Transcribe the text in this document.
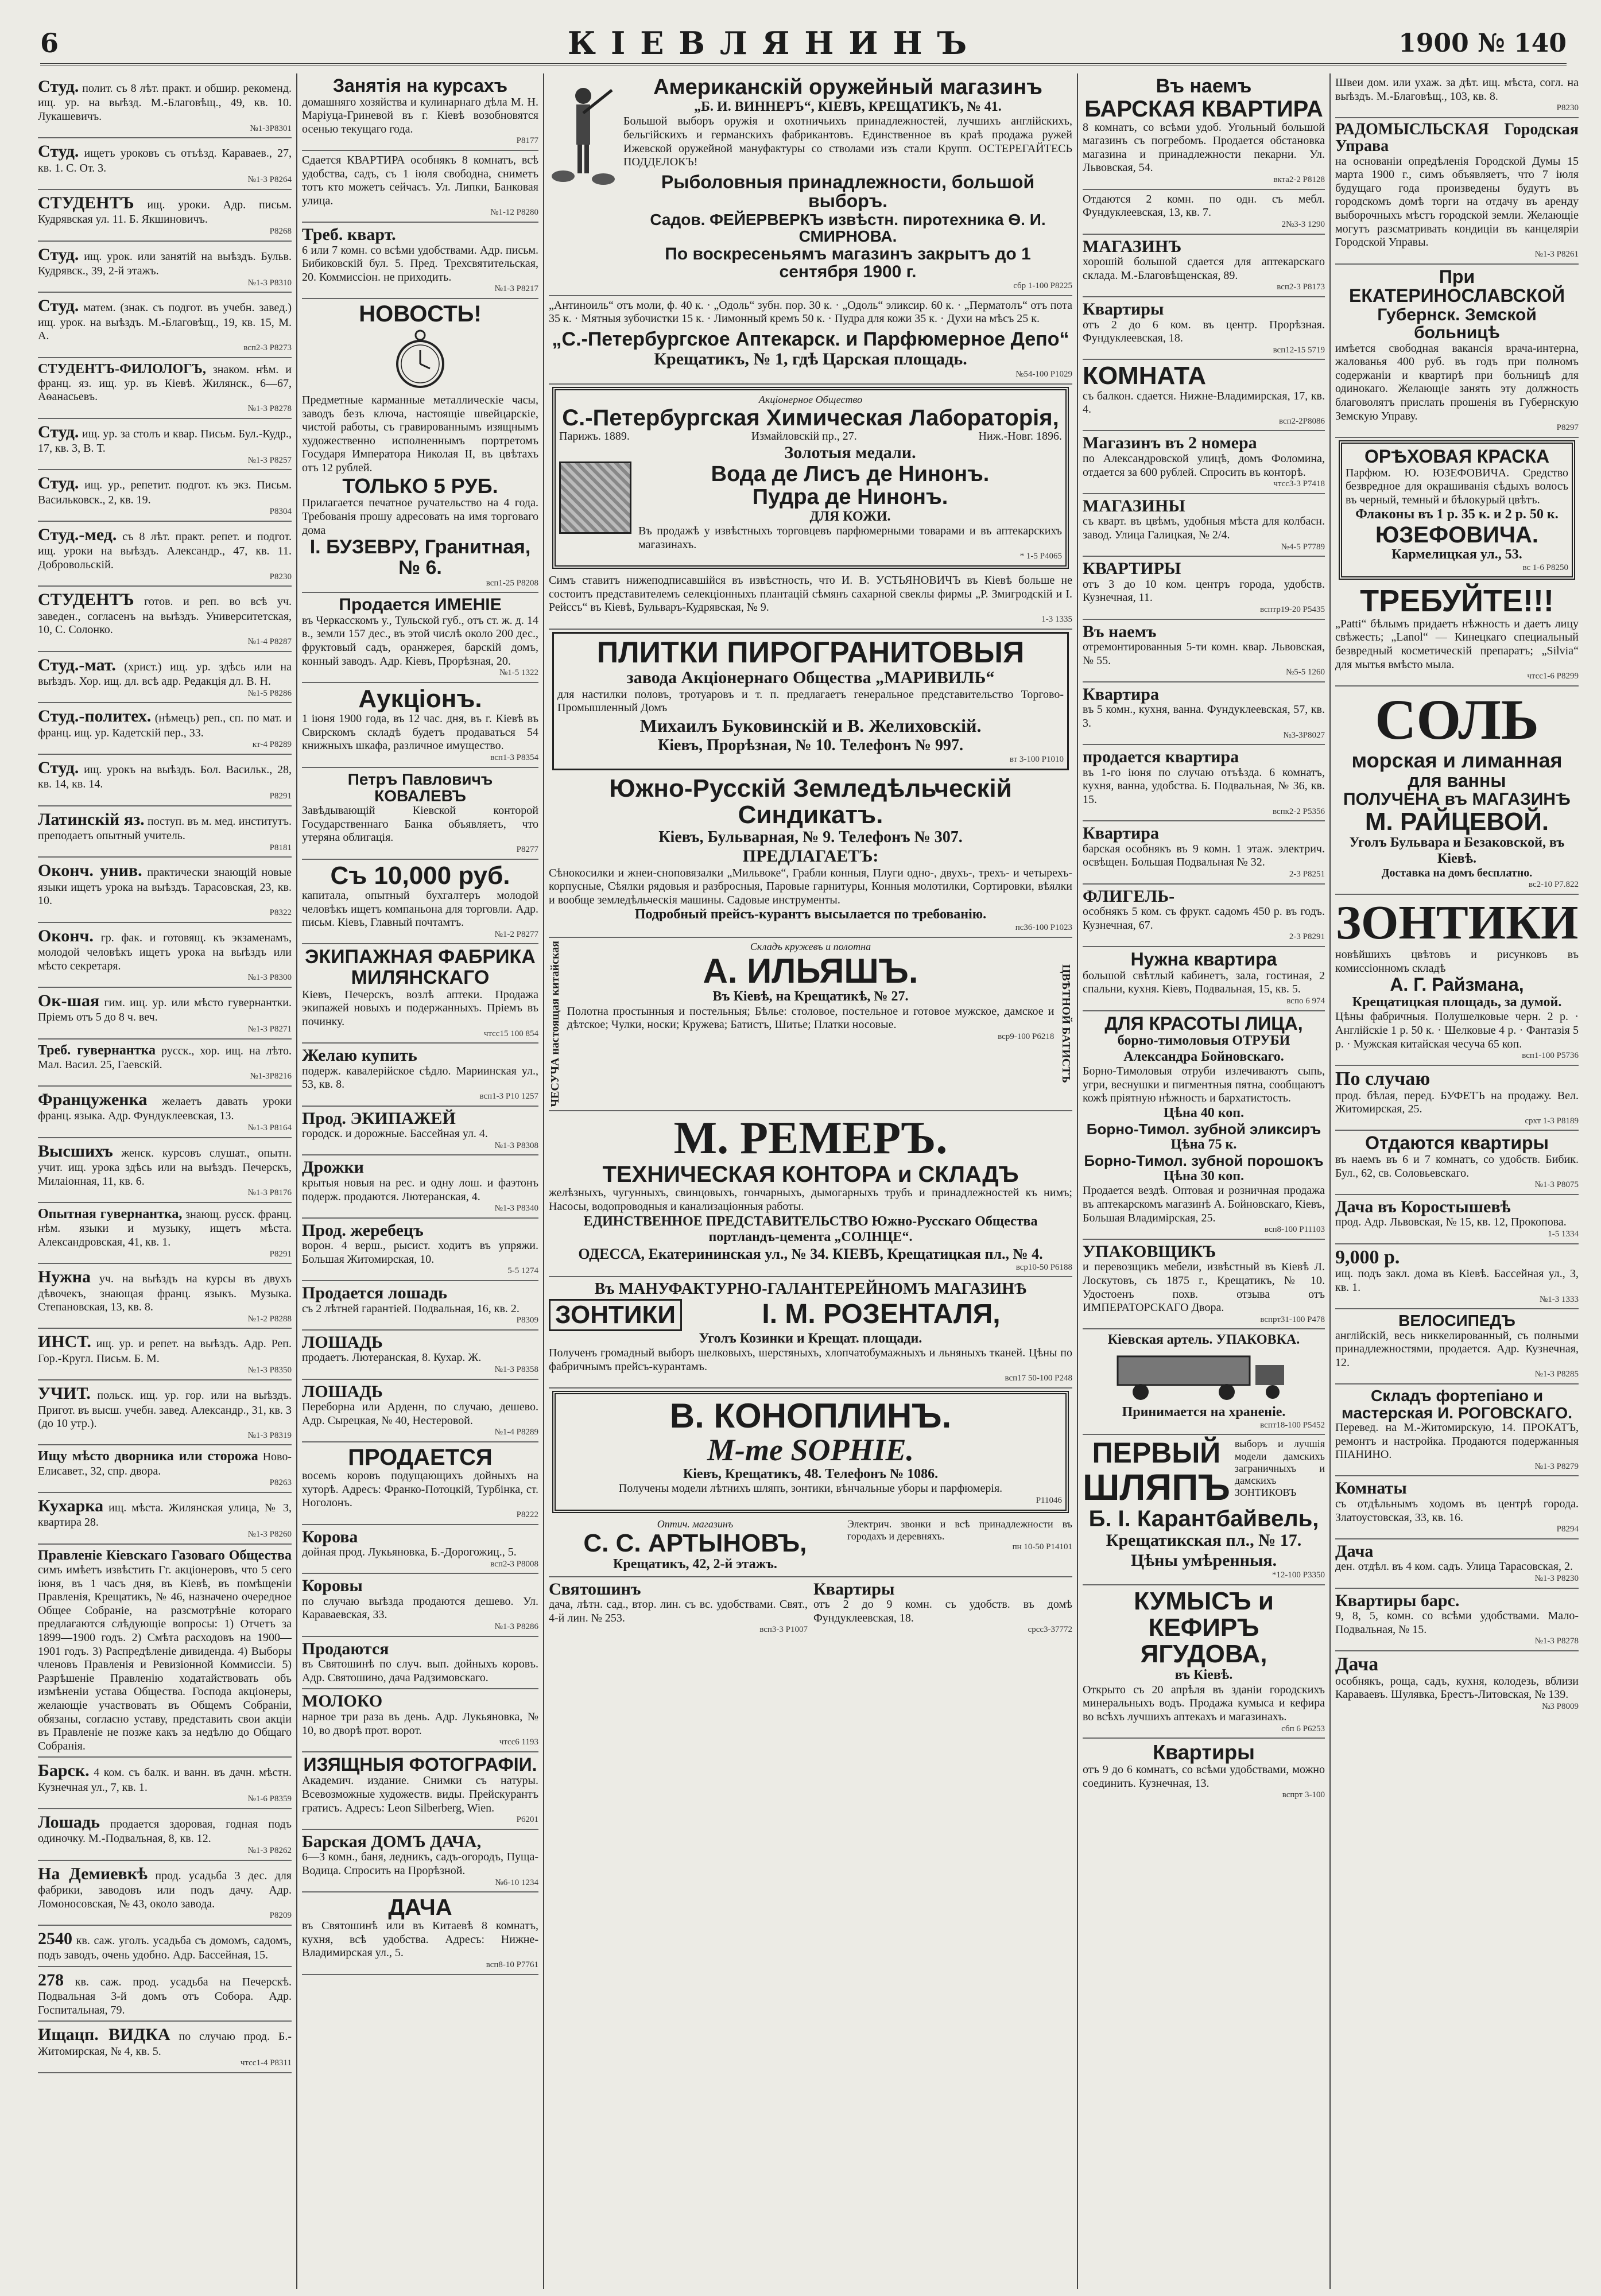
6	КІЕВЛЯНИНЪ	1900 № 140
Студ. полит. съ 8 лѣт. практ. и обшир. рекоменд. ищ. ур. на выѣзд. М.-Благовѣщ., 49, кв. 10. Лукашевичъ.
№1-3Р8301
Студ. ищетъ уроковъ съ отъѣзд. Караваев., 27, кв. 1. С. От. 3.
№1-3 Р8264
СТУДЕНТЪ ищ. уроки. Адр. письм. Кудрявская ул. 11. Б. Якшиновичъ.
Р8268
Студ. ищ. урок. или занятій на выѣздъ. Бульв. Кудрявск., 39, 2-й этажъ.
№1-3 Р8310
Студ. матем. (знак. съ подгот. въ учебн. завед.) ищ. урок. на выѣздъ. М.-Благовѣщ., 19, кв. 15, М. А.
всп2-3 Р8273
СТУДЕНТЪ-ФИЛОЛОГЪ, знаком. нѣм. и франц. яз. ищ. ур. въ Кіевѣ. Жилянск., 6—67, Аѳанасьевъ.
№1-3 Р8278
Студ. ищ. ур. за столъ и квар. Письм. Бул.-Кудр., 17, кв. 3, В. Т.
№1-3 Р8257
Студ. ищ. ур., репетит. подгот. къ экз. Письм. Васильковск., 2, кв. 19.
Р8304
Студ.-мед. съ 8 лѣт. практ. репет. и подгот. ищ. уроки на выѣздъ. Александр., 47, кв. 11. Добровольскій.
Р8230
СТУДЕНТЪ готов. и реп. во всѣ уч. заведен., согласенъ на выѣздъ. Университетская, 10, С. Солонко.
№1-4 Р8287
Студ.-мат. (христ.) ищ. ур. здѣсь или на выѣздъ. Хор. ищ. дл. всѣ адр. Редакція дл. В. Н.
№1-5 Р8286
Студ.-политех. (нѣмецъ) реп., сп. по мат. и франц. ищ. ур. Кадетскій пер., 33.
кт-4 Р8289
Студ. ищ. урокъ на выѣздъ. Бол. Васильк., 28, кв. 14, кв. 14.
Р8291
Латинскій яз. поступ. въ м. мед. институтъ. преподаетъ опытный учитель.
Р8181
Оконч. унив. практически знающій новые языки ищетъ урока на выѣздъ. Тарасовская, 23, кв. 10.
Р8322
Оконч. гр. фак. и готовящ. къ экзаменамъ, молодой человѣкъ ищетъ урока на выѣздъ или мѣсто секретаря.
№1-3 Р8300
Ок-шая гим. ищ. ур. или мѣсто гувернантки. Пріемъ отъ 5 до 8 ч. веч.
№1-3 Р8271
Треб. гувернантка русск., хор. ищ. на лѣто. Мал. Васил. 25, Гаевскій.
№1-3Р8216
Француженка желаетъ давать уроки франц. языка. Адр. Фундуклеевская, 13.
№1-3 Р8164
Высшихъ женск. курсовъ слушат., опытн. учит. ищ. урока здѣсь или на выѣздъ. Печерскъ, Милаіонная, 11, кв. 6.
№1-3 Р8176
Опытная гувернантка, знающ. русск. франц. нѣм. языки и музыку, ищетъ мѣста. Александровская, 41, кв. 1.
Р8291
Нужна уч. на выѣздъ на курсы въ двухъ дѣвочекъ, знающая франц. языкъ. Музыка. Степановская, 13, кв. 8.
№1-2 Р8288
ИНСТ. ищ. ур. и репет. на выѣздъ. Адр. Реп. Гор.-Кругл. Письм. Б. М.
№1-3 Р8350
УЧИТ. польск. ищ. ур. гор. или на выѣздъ. Пригот. въ высш. учебн. завед. Александр., 31, кв. 3 (до 10 утр.).
№1-3 Р8319
Ищу мѣсто дворника или сторожа Ново-Елисавет., 32, спр. двора.
Р8263
Кухарка ищ. мѣста. Жилянская улица, № 3, квартира 28.
№1-3 Р8260
Правленіе Кіевскаго Газоваго Общества симъ имѣетъ извѣстить Гг. акціонеровъ, что 5 сего іюня, въ 1 часъ дня, въ Кіевѣ, въ помѣщеніи Правленія, Крещатикъ, № 46, назначено очередное Общее Собраніе, на разсмотрѣніе котораго предлагаются слѣдующіе вопросы: 1) Отчетъ за 1899—1900 годъ. 2) Смѣта расходовъ на 1900—1901 годъ. 3) Распредѣленіе дивиденда. 4) Выборы членовъ Правленія и Ревизіонной Коммиссіи. 5) Разрѣшеніе Правленію ходатайствовать объ измѣненіи устава Общества. Господа акціонеры, желающіе участвовать въ Общемъ Собраніи, обязаны, согласно уставу, представить свои акціи въ Правленіе не позже какъ за недѣлю до Общаго Собранія.
Барск. 4 ком. съ балк. и ванн. въ дачн. мѣстн. Кузнечная ул., 7, кв. 1.
№1-6 Р8359
Лошадь продается здоровая, годная подъ одиночку. М.-Подвальная, 8, кв. 12.
№1-3 Р8262
На Демиевкѣ прод. усадьба 3 дес. для фабрики, заводовъ или подъ дачу. Адр. Ломоносовская, № 43, около завода.
Р8209
2540 кв. саж. уголъ. усадьба съ домомъ, садомъ, подъ заводъ, очень удобно. Адр. Бассейная, 15.
278 кв. саж. прод. усадьба на Печерскѣ. Подвальная 3-й домъ отъ Собора. Адр. Госпитальная, 79.
Ищацп. ВИДКА по случаю прод. Б.-Житомирская, № 4, кв. 5.
чтсс1-4 Р8311
Занятія на курсахъ
домашняго хозяйства и кулинарнаго дѣла М. Н. Маріуца-Гриневой въ г. Кіевѣ возобновятся осенью текущаго года.
Р8177
Сдается КВАРТИРА особнякъ 8 комнатъ, всѣ удобства, садъ, съ 1 іюля свободна, сниметъ тотъ кто можетъ сейчасъ. Ул. Липки, Банковая улица.
№1-12 Р8280
Треб. кварт.
6 или 7 комн. со всѣми удобствами. Адр. письм. Бибиковскій бул. 5. Пред. Трехсвятительская, 20. Коммиссіон. не приходить.
№1-3 Р8217
НОВОСТЬ!
Предметные карманные металлическіе часы, заводъ безъ ключа, настоящіе швейцарскіе, чистой работы, съ гравированнымъ изящнымъ художественно исполненнымъ портретомъ Государя Императора Николая II, въ цвѣтахъ отъ 12 рублей.
ТОЛЬКО 5 РУБ.
Прилагается печатное ручательство на 4 года. Требованія прошу адресовать на имя торговаго дома
І. БУЗЕВРУ, Гранитная, № 6.
всп1-25 Р8208
Продается ИМЕНІЕ
въ Черкасскомъ у., Тульской губ., отъ ст. ж. д. 14 в., земли 157 дес., въ этой числѣ около 200 дес., фруктовый садъ, оранжерея, барскій домъ, конный заводъ. Адр. Кіевъ, Прорѣзная, 20.
№1-5 1322
Аукціонъ.
1 іюня 1900 года, въ 12 час. дня, въ г. Кіевѣ въ Свирскомъ складѣ будетъ продаваться 54 книжныхъ шкафа, различное имущество.
всп1-3 Р8354
Петръ Павловичъ КОВАЛЕВЪ
Завѣдывающій Кіевской конторой Государственнаго Банка объявляетъ, что утеряна облигація.
Р8277
Съ 10,000 руб.
капитала, опытный бухгалтеръ молодой человѣкъ ищетъ компаньона для торговли. Адр. письм. Кіевъ, Главный почтамтъ.
№1-2 Р8277
ЭКИПАЖНАЯ ФАБРИКА МИЛЯНСКАГО
Кіевъ, Печерскъ, возлѣ аптеки. Продажа экипажей новыхъ и подержанныхъ. Пріемъ въ починку.
чтсс15 100 854
Желаю купить
подерж. кавалерійское сѣдло. Мариинская ул., 53, кв. 8.
всп1-3 Р10 1257
Прод. ЭКИПАЖЕЙ
городск. и дорожные. Бассейная ул. 4.
№1-3 Р8308
Дрожки
крытыя новыя на рес. и одну лош. и фаэтонъ подерж. продаются. Лютеранская, 4.
№1-3 Р8340
Прод. жеребецъ
ворон. 4 верш., рысист. ходитъ въ упряжи. Большая Житомирская, 10.
5-5 1274
Продается лошадь
съ 2 лѣтней гарантіей. Подвальная, 16, кв. 2.
Р8309
ЛОШАДЬ
продаетъ. Лютеранская, 8. Кухар. Ж.
№1-3 Р8358
ЛОШАДЬ
Переборна или Арденн, по случаю, дешево. Адр. Сырецкая, № 40, Нестеровой.
№1-4 Р8289
ПРОДАЕТСЯ
восемь коровъ подущающихъ дойныхъ на хуторѣ. Адресъ: Франко-Потоцкій, Турбінка, ст. Ноголонъ.
Р8222
Корова
дойная прод. Лукьяновка, Б.-Дорогожиц., 5.
всп2-3 Р8008
Коровы
по случаю выѣзда продаются дешево. Ул. Караваевская, 33.
№1-3 Р8286
Продаются
въ Святошинѣ по случ. вып. дойныхъ коровъ. Адр. Святошино, дача Радзимовскаго.
МОЛОКО
нарное три раза въ день. Адр. Лукьяновка, № 10, во дворѣ прот. ворот.
чтсс6 1193
ИЗЯЩНЫЯ ФОТОГРАФІИ.
Академич. издание. Снимки съ натуры. Всевозможные художеств. виды. Прейскурантъ гратисъ. Адресъ: Leon Silberberg, Wien.
Р6201
Барская ДОМЪ ДАЧА,
6—3 комн., баня, ледникъ, садъ-огородъ, Пуща-Водица. Спросить на Прорѣзной.
№6-10 1234
ДАЧА
въ Святошинѣ или въ Китаевѣ 8 комнатъ, кухня, всѣ удобства. Адресъ: Нижне-Владимирская ул., 5.
всп8-10 Р7761
Американскій оружейный магазинъ
„Б. И. ВИННЕРЪ“, КІЕВЪ, КРЕЩАТИКЪ, № 41.
Большой выборъ оружія и охотничьихъ принадлежностей, лучшихъ англійскихъ, бельгійскихъ и германскихъ фабрикантовъ. Единственное въ краѣ продажа ружей Ижевской оружейной мануфактуры со стволами изъ стали Крупп. ОСТЕРЕГАЙТЕСЬ ПОДДЕЛОКЪ!
Рыболовныя принадлежности, большой выборъ.
Садов. ФЕЙЕРВЕРКЪ извѣстн. пиротехника Ѳ. И. СМИРНОВА.
По воскресеньямъ магазинъ закрытъ до 1 сентября 1900 г.
сбр 1-100 Р8225
„Антиноиль“ отъ моли, ф. 40 к. · „Одоль“ зубн. пор. 30 к. · „Одоль“ эликсир. 60 к. · „Перматолъ“ отъ пота 35 к. · Мятныя зубочистки 15 к. · Лимонный кремъ 50 к. · Пудра для кожи 35 к. · Духи на мѣсъ 25 к.
„С.-Петербургское Аптекарск. и Парфюмерное Депо“
Крещатикъ, № 1, гдѣ Царская площадь.
№54-100 Р1029
Акціонерное Общество
С.-Петербургская Химическая Лабораторія,
Парижъ. 1889.	Измайловскій пр., 27.	Ниж.-Новг. 1896.
Золотыя медали.
Вода де Лисъ де Нинонъ.
Пудра де Нинонъ.
ДЛЯ КОЖИ.
Въ продажѣ у извѣстныхъ торговцевъ парфюмерными товарами и въ аптекарскихъ магазинахъ.
* 1-5 Р4065
Симъ ставитъ нижеподписавшійся въ извѣстность, что И. В. УСТЬЯНОВИЧЪ въ Кіевѣ больше не состоитъ представителемъ селекціонныхъ плантацій сѣмянъ сахарной свеклы фирмы „Р. Змигродскій и І. Рейссъ“ въ Кіевѣ, Бульваръ-Кудрявская, № 9.
1-3 1335
ПЛИТКИ ПИРОГРАНИТОВЫЯ
завода Акціонернаго Общества „МАРИВИЛЬ“
для настилки половъ, тротуаровъ и т. п. предлагаетъ генеральное представительство Торгово-Промышленный Домъ
Михаилъ Буковинскій и В. Желиховскій.
Кіевъ, Прорѣзная, № 10. Телефонъ № 997.
вт 3-100 Р1010
Южно-Русскій Земледѣльческій Синдикатъ.
Кіевъ, Бульварная, № 9. Телефонъ № 307.
ПРЕДЛАГАЕТЪ:
Сѣнокосилки и жнеи-сноповязалки „Мильвоке“, Грабли конныя, Плуги одно-, двухъ-, трехъ- и четырехъ-корпусные, Сѣялки рядовыя и разбросныя, Паровые гарнитуры, Конныя молотилки, Сортировки, вѣялки и вообще земледѣльческія машины. Садовые инструменты.
Подробный прейсъ-курантъ высылается по требованію.
пс36-100 Р1023
ЧЕСУЧА настоящая китайская	Складъ кружевъ и полотна
А. ИЛЬЯШЪ.
Въ Кіевѣ, на Крещатикѣ, № 27.
Полотна простынныя и постельныя; Бѣлье: столовое, постельное и готовое мужское, дамское и дѣтское; Чулки, носки; Кружева; Батистъ, Шитье; Платки носовые.
вср9-100 Р6218 ЦВѢТНОЙ БАТИСТЪ
М. РЕМЕРЪ.
ТЕХНИЧЕСКАЯ КОНТОРА и СКЛАДЪ
желѣзныхъ, чугунныхъ, свинцовыхъ, гончарныхъ, дымогарныхъ трубъ и принадлежностей къ нимъ; Насосы, водопроводныя и канализаціонныя работы.
ЕДИНСТВЕННОЕ ПРЕДСТАВИТЕЛЬСТВО Южно-Русскаго Общества портландъ-цемента „СОЛНЦЕ“.
ОДЕССА, Екатерининская ул., № 34. КІЕВЪ, Крещатицкая пл., № 4.
вср10-50 Р6188
Въ МАНУФАКТУРНО-ГАЛАНТЕРЕЙНОМЪ МАГАЗИНѢ
ЗОНТИКИ	І. М. РОЗЕНТАЛЯ,
Уголъ Козинки и Крещат. площади.
Полученъ громадный выборъ шелковыхъ, шерстяныхъ, хлопчатобумажныхъ и льняныхъ тканей. Цѣны по фабричнымъ прейсъ-курантамъ.
всп17 50-100 Р248
В. КОНОПЛИНЪ.
M-me SOPHIE.
Кіевъ, Крещатикъ, 48. Телефонъ № 1086.
Получены модели лѣтнихъ шляпъ, зонтики, вѣнчальные уборы и парфюмерія.
Р11046
Оптич. магазинъ
С. С. АРТЫНОВЪ,
Крещатикъ, 42, 2-й этажъ.
Электрич. звонки и всѣ принадлежности въ городахъ и деревняхъ.
пн 10-50 Р14101
Святошинъ
дача, лѣтн. сад., втор. лин. съ вс. удобствами. Свят., 4-й лин. № 253.
всп3-3 Р1007
Квартиры
отъ 2 до 9 комн. съ удобств. въ домѣ Фундуклеевская, 18.
срсс3-37772
Въ наемъ
БАРСКАЯ КВАРТИРА
8 комнатъ, со всѣми удоб. Угольный большой магазинъ съ погребомъ. Продается обстановка магазина и принадлежности пекарни. Ул. Львовская, 54.
вкта2-2 Р8128
Отдаются 2 комн. по одн. съ мебл. Фундуклеевская, 13, кв. 7.
2№3-3 1290
МАГАЗИНЪ
хорошій большой сдается для аптекарскаго склада. М.-Благовѣщенская, 89.
всп2-3 Р8173
Квартиры
отъ 2 до 6 ком. въ центр. Прорѣзная. Фундуклеевская, 18.
всп12-15 5719
КОМНАТА
съ балкон. сдается. Нижне-Владимирская, 17, кв. 4.
всп2-2Р8086
Магазинъ въ 2 номера
по Александровской улицѣ, домъ Фоломина, отдается за 600 рублей. Спросить въ конторѣ.
чтсс3-3 Р7418
МАГАЗИНЫ
съ кварт. въ цвѣмъ, удобныя мѣста для колбасн. завод. Улица Галицкая, № 2/4.
№4-5 Р7789
КВАРТИРЫ
отъ 3 до 10 ком. центръ города, удобств. Кузнечная, 11.
всптр19-20 Р5435
Въ наемъ
отремонтированныя 5-ти комн. квар. Львовская, № 55.
№5-5 1260
Квартира
въ 5 комн., кухня, ванна. Фундуклеевская, 57, кв. 3.
№3-3Р8027
продается квартира
въ 1-го іюня по случаю отъѣзда. 6 комнатъ, кухня, ванна, удобства. Б. Подвальная, № 36, кв. 15.
вспк2-2 Р5356
Квартира
барская особнякъ въ 9 комн. 1 этаж. электрич. освѣщен. Большая Подвальная № 32.
2-3 Р8251
ФЛИГЕЛЬ-
особнякъ 5 ком. съ фрукт. садомъ 450 р. въ годъ. Кузнечная, 67.
2-3 Р8291
Нужна квартира
большой свѣтлый кабинетъ, зала, гостиная, 2 спальни, кухня. Кіевъ, Подвальная, 15, кв. 5.
вспо 6 974
ДЛЯ КРАСОТЫ ЛИЦА,
борно-тимоловыя ОТРУБИ Александра Бойновскаго.
Борно-Тимоловыя отруби излечиваютъ сыпь, угри, веснушки и пигментныя пятна, сообщаютъ кожѣ пріятную нѣжность и бархатистость.
Цѣна 40 коп.
Борно-Тимол. зубной эликсиръ
Цѣна 75 к.
Борно-Тимол. зубной порошокъ
Цѣна 30 коп.
Продается вездѣ. Оптовая и розничная продажа въ аптекарскомъ магазинѣ А. Бойновскаго, Кіевъ, Большая Владимірская, 25.
всп8-100 Р11103
УПАКОВЩИКЪ
и перевозщикъ мебели, извѣстный въ Кіевѣ Л. Лоскутовъ, съ 1875 г., Крещатикъ, № 10. Удостоенъ похв. отзыва отъ ИМПЕРАТОРСКАГО Двора.
вспрт31-100 Р478
Кіевская артель. УПАКОВКА.
Принимается на храненіе.
вспт18-100 Р5452
ПЕРВЫЙ
ШЛЯПЪ
выборъ и лучшія модели дамскихъ заграничныхъ и дамскихъ ЗОНТИКОВЪ
Б. І. Карантбайвель,
Крещатикская пл., № 17.
Цѣны умѣренныя.
*12-100 Р3350
КУМЫСЪ и КЕФИРЪ ЯГУДОВА,
въ Кіевѣ.
Открыто съ 20 апрѣля въ зданіи городскихъ минеральныхъ водъ. Продажа кумыса и кефира во всѣхъ лучшихъ аптекахъ и магазинахъ.
сбп 6 Р6253
Квартиры
отъ 9 до 6 комнатъ, со всѣми удобствами, можно соединить. Кузнечная, 13.
вспрт 3-100
Швеи дом. или ухаж. за дѣт. ищ. мѣста, согл. на выѣздъ. М.-Благовѣщ., 103, кв. 8.
Р8230
РАДОМЫСЛЬСКАЯ Городская Управа
на основаніи опредѣленія Городской Думы 15 марта 1900 г., симъ объявляетъ, что 7 іюля будущаго года произведены будутъ въ городскомъ домѣ торги на отдачу въ аренду выборочныхъ мѣстъ городской земли. Желающіе могутъ разсматривать кондиціи въ канцеляріи Городской Управы.
№1-3 Р8261
При ЕКАТЕРИНОСЛАВСКОЙ
Губернск. Земской больницѣ
имѣется свободная вакансія врача-интерна, жалованья 400 руб. въ годъ при полномъ содержаніи и квартирѣ при больницѣ для одинокаго. Желающіе занять эту должность благоволятъ прислать прошенія въ Губернскую Земскую Управу.
Р8297
ОРѢХОВАЯ КРАСКА
Парфюм. Ю. ЮЗЕФОВИЧА. Средство безвредное для окрашиванія сѣдыхъ волосъ въ черный, темный и бѣлокурый цвѣтъ.
Флаконы въ 1 р. 35 к. и 2 р. 50 к.
ЮЗЕФОВИЧА.
Кармелицкая ул., 53.
вс 1-6 Р8250
ТРЕБУЙТЕ!!!
„Patti“ бѣлымъ придаетъ нѣжность и даетъ лицу свѣжесть; „Lanol“ — Кинецкаго специальный безвредный косметическій препаратъ; „Silvia“ для мытья вмѣсто мыла.
чтсс1-6 Р8299
СОЛЬ
морская и лиманная
для ванны
ПОЛУЧЕНА въ МАГАЗИНѢ
М. РАЙЦЕВОЙ.
Уголъ Бульвара и Безаковской, въ Кіевѣ.
Доставка на домъ бесплатно.
вс2-10 Р7.822
ЗОНТИКИ
новѣйшихъ цвѣтовъ и рисунковъ въ комиссіонномъ складѣ
А. Г. Райзмана,
Крещатицкая площадь, за думой.
Цѣны фабричныя. Полушелковые черн. 2 р. · Англійскіе 1 р. 50 к. · Шелковые 4 р. · Фантазія 5 р. · Мужская китайская чесуча 65 коп.
всп1-100 Р5736
По случаю
прод. бѣлая, перед. БУФЕТЪ на продажу. Вел. Житомирская, 25.
срхт 1-3 Р8189
Отдаются квартиры
въ наемъ въ 6 и 7 комнатъ, со удобств. Бибик. Бул., 62, св. Соловьевскаго.
№1-3 Р8075
Дача въ Коростышевѣ
прод. Адр. Львовская, № 15, кв. 12, Прокопова.
1-5 1334
9,000 р.
ищ. подъ закл. дома въ Кіевѣ. Бассейная ул., 3, кв. 1.
№1-3 1333
ВЕЛОСИПЕДЪ
англійскій, весь никкелированный, съ полными принадлежностями, продается. Адр. Кузнечная, 12.
№1-3 Р8285
Складъ фортепіано и мастерская И. РОГОВСКАГО.
Перевед. на М.-Житомирскую, 14. ПРОКАТЪ, ремонтъ и настройка. Продаются подержанныя ПІАНИНО.
№1-3 Р8279
Комнаты
съ отдѣльнымъ ходомъ въ центрѣ города. Златоустовская, 33, кв. 16.
Р8294
Дача
ден. отдѣл. въ 4 ком. садъ. Улица Тарасовская, 2.
№1-3 Р8230
Квартиры барс.
9, 8, 5, комн. со всѣми удобствами. Мало-Подвальная, № 15.
№1-3 Р8278
Дача
особнякъ, роща, садъ, кухня, колодезь, вблизи Караваевъ. Шулявка, Брестъ-Литовская, № 139.
№3 Р8009
